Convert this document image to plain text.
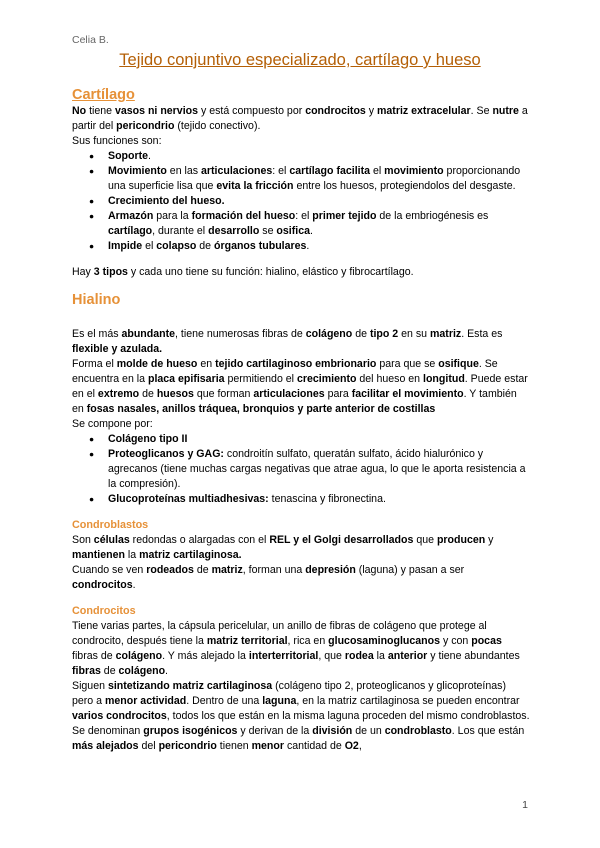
Celia B.
Tejido conjuntivo especializado, cartílago y hueso
Cartílago

No tiene vasos ni nervios y está compuesto por condrocitos y matriz extracelular. Se nutre a partir del pericondrio (tejido conectivo).

Sus funciones son:

● Soporte.
● Movimiento en las articulaciones: el cartílago facilita el movimiento proporcionando una superficie lisa que evita la fricción entre los huesos, protegiendolos del desgaste.
● Crecimiento del hueso.
● Armazón para la formación del hueso: el primer tejido de la embriogénesis es cartílago, durante el desarrollo se osifica.
● Impide el colapso de órganos tubulares.

Hay 3 tipos y cada uno tiene su función: hialino, elástico y fibrocartílago.

Hialino

Es el más abundante, tiene numerosas fibras de colágeno de tipo 2 en su matriz. Esta es flexible y azulada.

Forma el molde de hueso en tejido cartilaginoso embrionario para que se osifique. Se encuentra en la placa epifisaria permitiendo el crecimiento del hueso en longitud. Puede estar en el extremo de huesos que forman articulaciones para facilitar el movimiento. Y también en fosas nasales, anillos tráquea, bronquios y parte anterior de costillas

Se compone por:

● Colágeno tipo II
● Proteoglicanos y GAG: condroitín sulfato, queratán sulfato, ácido hialurónico y agrecanos (tiene muchas cargas negativas que atrae agua, lo que le aporta resistencia a la compresión).
● Glucoproteínas multiadhesivas: tenascina y fibronectina.
Condroblastos

Son células redondas o alargadas con el REL y el Golgi desarrollados que producen y mantienen la matriz cartilaginosa.

Cuando se ven rodeados de matriz, forman una depresión (laguna) y pasan a ser condrocitos.

Condrocitos

Tiene varias partes, la cápsula pericelular, un anillo de fibras de colágeno que protege al condrocito, después tiene la matriz territorial, rica en glucosaminoglucanos y con pocas fibras de colágeno. Y más alejado la interterritorial, que rodea la anterior y tiene abundantes fibras de colágeno.

Siguen sintetizando matriz cartilaginosa (colágeno tipo 2, proteoglicanos y glicoproteínas) pero a menor actividad. Dentro de una laguna, en la matriz cartilaginosa se pueden encontrar varios condrocitos, todos los que están en la misma laguna proceden del mismo condroblastos. Se denominan grupos isogénicos y derivan de la división de un condroblasto. Los que están más alejados del pericondrio tienen menor cantidad de O2,

1
